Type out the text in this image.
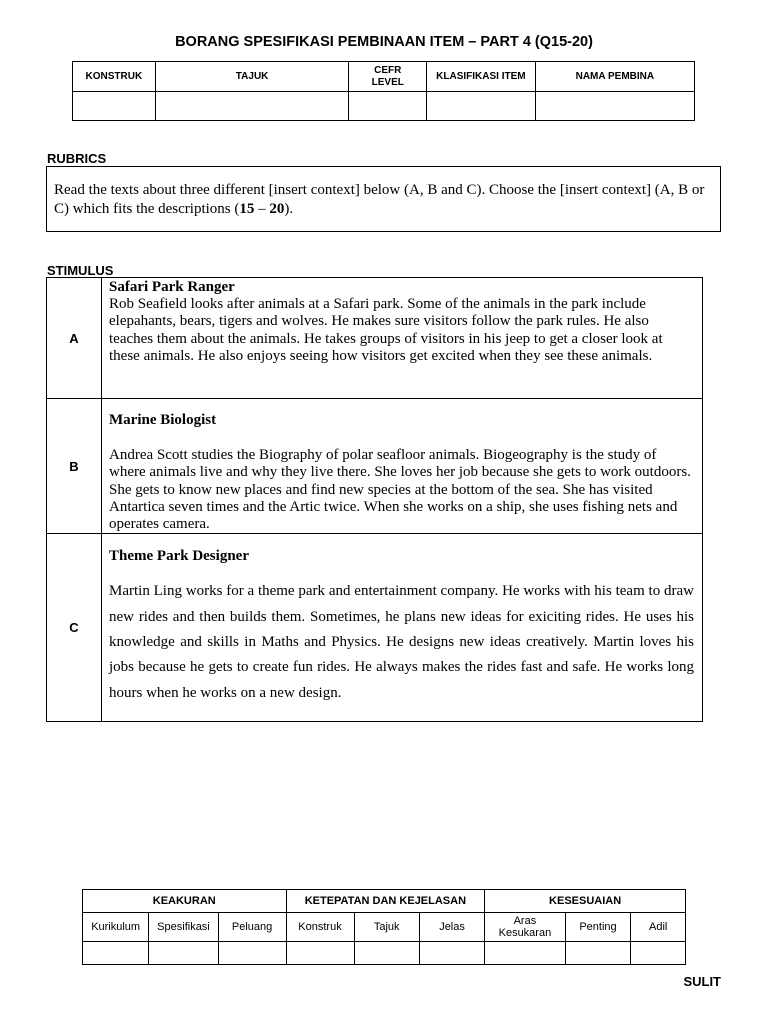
BORANG SPESIFIKASI PEMBINAAN ITEM – PART 4 (Q15-20)
KONSTRUK	TAJUK	CEFR LEVEL	KLASIFIKASI ITEM	NAMA PEMBINA

RUBRICS
Read the texts about three different [insert context] below (A, B and C). Choose the [insert context] (A, B or C) which fits the descriptions (15 – 20).
STIMULUS
A	Safari Park Ranger
Rob Seafield looks after animals at a Safari park. Some of the animals in the park include elepahants, bears, tigers and wolves. He makes sure visitors follow the park rules. He also teaches them about the animals. He takes groups of visitors in his jeep to get a closer look at these animals. He also enjoys seeing how visitors get excited when they see these animals.

B	Marine Biologist
Andrea Scott studies the Biography of polar seafloor animals. Biogeography is the study of where animals live and why they live there. She loves her job because she gets to work outdoors. She gets to know new places and find new species at the bottom of the sea. She has visited Antartica seven times and the Artic twice. When she works on a ship, she uses fishing nets and operates camera.

C	Theme Park Designer
Martin Ling works for a theme park and entertainment company. He works with his team to draw new rides and then builds them. Sometimes, he plans new ideas for exiciting rides. He uses his knowledge and skills in Maths and Physics. He designs new ideas creatively. Martin loves his jobs because he gets to create fun rides. He always makes the rides fast and safe. He works long hours when he works on a new design.
KEAKURAN			KETEPATAN DAN KEJELASAN			KESESUAIAN		
Kurikulum	Spesifikasi	Peluang	Konstruk	Tajuk	Jelas	Aras Kesukaran	Penting	Adil

SULIT
